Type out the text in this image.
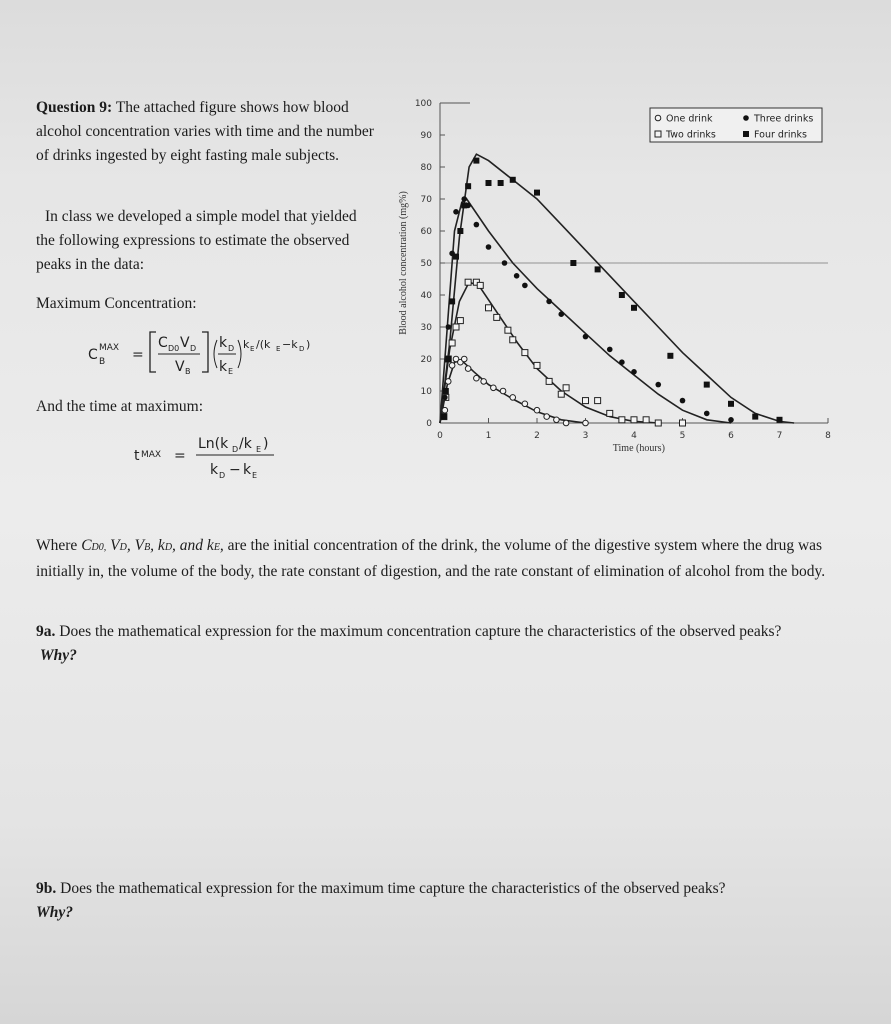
Question 9: The attached figure shows how blood alcohol concentration varies with time and the number of drinks ingested by eight fasting male subjects.
In class we developed a simple model that yielded the following expressions to estimate the observed peaks in the data:
Maximum Concentration:
C MAX
B =
C D0 V D
V B
k D
k E
k E /(k E −k D )
And the time at maximum:
t MAX =
Ln(k D /k E )
k D − k E
0
10
20
30
40
50
60
70
80
90
100
0	1	2	3	4	5	6	7	8
Time (hours)
Blood alcohol concentration (mg%)
One drink
Two drinks
Three drinks
Four drinks
Where CD0, VD, VB, kD, and kE, are the initial concentration of the drink, the volume of the digestive system where the drug was initially in, the volume of the body, the rate constant of digestion, and the rate constant of elimination of alcohol from the body.
9a. Does the mathematical expression for the maximum concentration capture the characteristics of the observed peaks?  Why?
9b. Does the mathematical expression for the maximum time capture the characteristics of the observed peaks?
Why?
